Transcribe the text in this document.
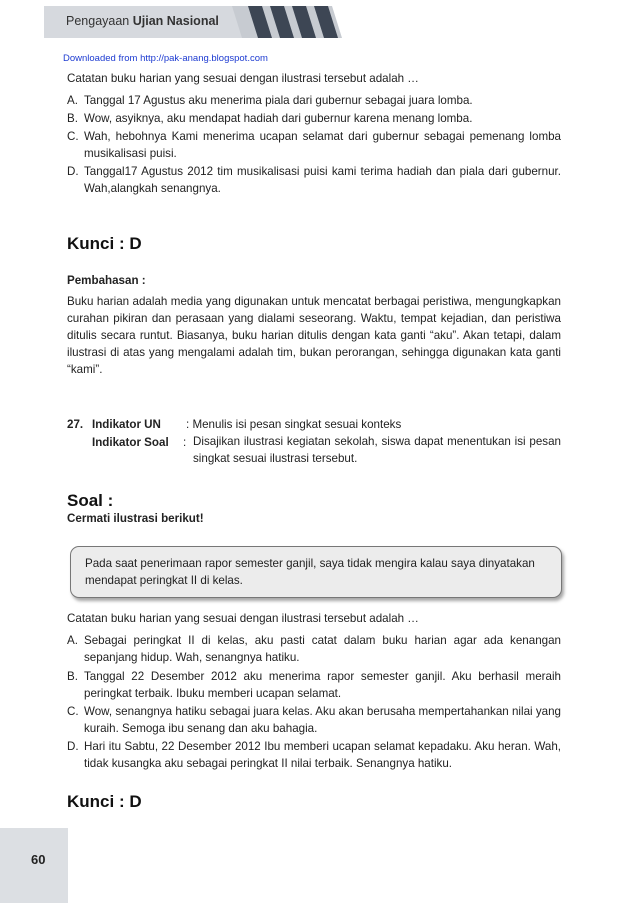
Pengayaan Ujian Nasional
Downloaded from http://pak-anang.blogspot.com
Catatan buku harian yang sesuai dengan ilustrasi tersebut adalah …
A. Tanggal 17 Agustus aku menerima piala dari gubernur sebagai juara lomba.
B. Wow, asyiknya, aku mendapat hadiah dari gubernur karena menang lomba.
C. Wah, hebohnya Kami menerima ucapan selamat dari gubernur sebagai pemenang lomba musikalisasi puisi.
D. Tanggal17 Agustus 2012 tim musikalisasi puisi kami terima hadiah dan piala dari gubernur. Wah,alangkah senangnya.
Kunci : D
Pembahasan :
Buku harian adalah media yang digunakan untuk mencatat berbagai peristiwa, mengungkapkan curahan pikiran dan perasaan yang dialami seseorang. Waktu, tempat kejadian, dan peristiwa ditulis secara runtut. Biasanya, buku harian ditulis dengan kata ganti “aku”. Akan tetapi, dalam ilustrasi di atas yang mengalami adalah tim, bukan perorangan, sehingga digunakan kata ganti “kami”.
27. Indikator UN : Menulis isi pesan singkat sesuai konteks
Indikator Soal : Disajikan ilustrasi kegiatan sekolah, siswa dapat menentukan isi pesan singkat sesuai ilustrasi tersebut.
Soal :
Cermati ilustrasi berikut!
Pada saat penerimaan rapor semester ganjil, saya tidak mengira kalau saya dinyatakan mendapat peringkat II di kelas.
Catatan buku harian yang sesuai dengan ilustrasi tersebut adalah …
A. Sebagai peringkat II di kelas, aku pasti catat dalam buku harian agar ada kenangan sepanjang hidup. Wah, senangnya hatiku.
B. Tanggal 22 Desember 2012 aku menerima rapor semester ganjil. Aku berhasil meraih peringkat terbaik. Ibuku memberi ucapan selamat.
C. Wow, senangnya hatiku sebagai juara kelas. Aku akan berusaha mempertahankan nilai yang kuraih. Semoga ibu senang dan aku bahagia.
D. Hari itu Sabtu, 22 Desember 2012 Ibu memberi ucapan selamat kepadaku. Aku heran. Wah, tidak kusangka aku sebagai peringkat II nilai terbaik. Senangnya hatiku.
Kunci : D
60
